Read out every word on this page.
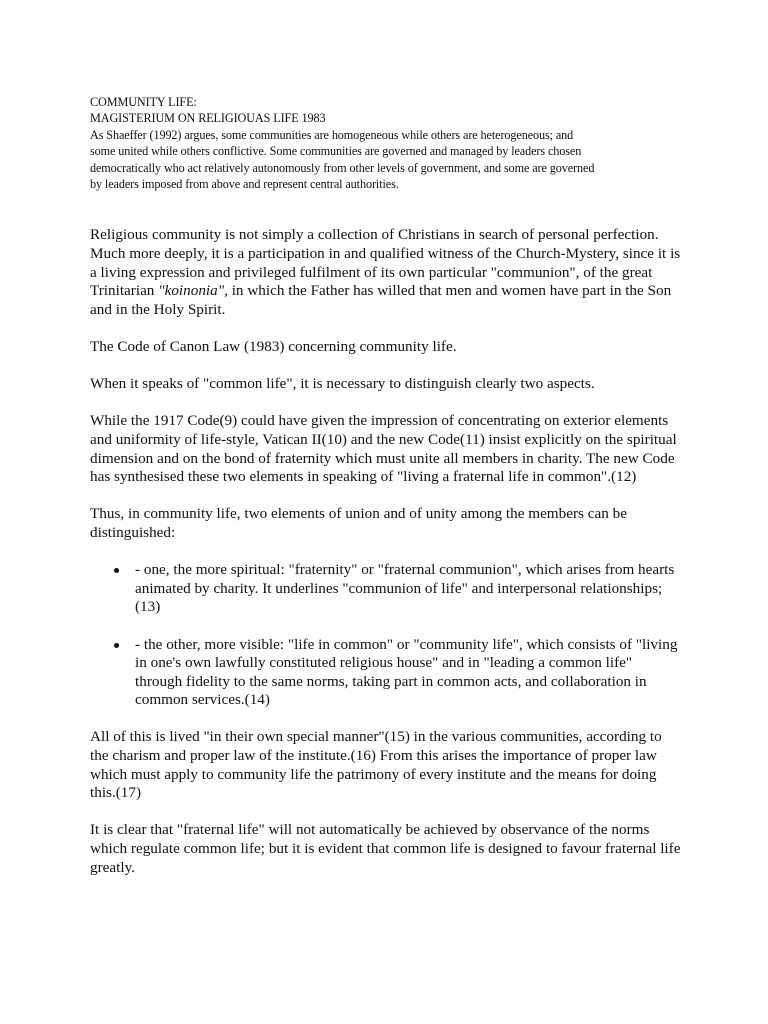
COMMUNITY LIFE:
MAGISTERIUM ON RELIGIOUAS LIFE 1983
As Shaeffer (1992) argues, some communities are homogeneous while others are heterogeneous; and
some united while others conflictive. Some communities are governed and managed by leaders chosen
democratically who act relatively autonomously from other levels of government, and some are governed
by leaders imposed from above and represent central authorities.

Religious community is not simply a collection of Christians in search of personal perfection.
Much more deeply, it is a participation in and qualified witness of the Church-Mystery, since it is
a living expression and privileged fulfilment of its own particular "communion", of the great
Trinitarian "koinonia", in which the Father has willed that men and women have part in the Son
and in the Holy Spirit.

The Code of Canon Law (1983) concerning community life.

When it speaks of "common life", it is necessary to distinguish clearly two aspects.

While the 1917 Code(9) could have given the impression of concentrating on exterior elements
and uniformity of life-style, Vatican II(10) and the new Code(11) insist explicitly on the spiritual
dimension and on the bond of fraternity which must unite all members in charity. The new Code
has synthesised these two elements in speaking of "living a fraternal life in common".(12)

Thus, in community life, two elements of union and of unity among the members can be
distinguished:

- one, the more spiritual: "fraternity" or "fraternal communion", which arises from hearts
animated by charity. It underlines "communion of life" and interpersonal relationships;
(13)
- the other, more visible: "life in common" or "community life", which consists of "living
in one's own lawfully constituted religious house" and in "leading a common life"
through fidelity to the same norms, taking part in common acts, and collaboration in
common services.(14)

All of this is lived "in their own special manner"(15) in the various communities, according to
the charism and proper law of the institute.(16) From this arises the importance of proper law
which must apply to community life the patrimony of every institute and the means for doing
this.(17)

It is clear that "fraternal life" will not automatically be achieved by observance of the norms
which regulate common life; but it is evident that common life is designed to favour fraternal life
greatly.
